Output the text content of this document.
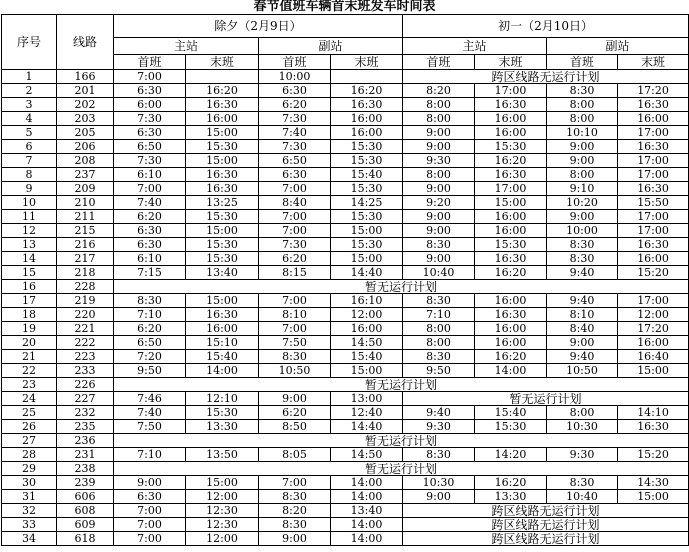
春节值班车辆首末班发车时间表
序号	线路	除夕（2月9日）				初一（2月10日）			
		主站		副站		主站		副站	
		首班	末班	首班	末班	首班	末班	首班	末班
1	166	7:00		10:00		跨区线路无运行计划			
2	201	6:30	16:20	6:30	16:20	8:20	17:00	8:30	17:20
3	202	6:00	16:30	6:20	16:30	8:00	16:30	8:00	16:30
4	203	7:30	16:00	7:30	16:00	8:00	16:00	8:00	16:00
5	205	6:30	15:00	7:40	16:00	9:00	16:00	10:10	17:00
6	206	6:50	15:30	7:30	15:30	9:00	15:30	9:00	16:30
7	208	7:30	15:00	6:50	15:30	9:30	16:20	9:00	17:00
8	237	6:10	16:30	6:30	15:40	8:00	16:30	8:00	17:00
9	209	7:00	16:30	7:00	15:30	9:00	17:00	9:10	16:30
10	210	7:40	13:25	8:40	14:25	9:20	15:00	10:20	15:50
11	211	6:20	15:30	7:00	15:30	9:00	16:00	9:00	17:00
12	215	6:30	15:00	7:00	15:00	9:00	16:00	10:00	17:00
13	216	6:30	15:30	7:30	15:30	8:30	15:30	8:30	16:30
14	217	6:10	15:30	6:20	15:00	9:00	16:30	8:30	16:00
15	218	7:15	13:40	8:15	14:40	10:40	16:20	9:40	15:20
16	228	暂无运行计划							
17	219	8:30	15:00	7:00	16:10	8:30	16:00	9:40	17:00
18	220	7:10	16:30	8:10	12:00	7:10	16:30	8:10	12:00
19	221	6:20	16:00	7:00	16:00	8:00	16:00	8:40	17:20
20	222	6:50	15:10	7:50	14:50	8:00	16:00	9:00	16:00
21	223	7:20	15:40	8:30	15:40	8:30	16:20	9:40	16:40
22	233	9:50	14:00	10:50	15:00	9:50	14:00	10:50	15:00
23	226	暂无运行计划							
24	227	7:46	12:10	9:00	13:00	暂无运行计划			
25	232	7:40	15:30	6:20	12:40	9:40	15:40	8:00	14:10
26	235	7:50	13:30	8:50	14:40	9:30	15:30	10:30	16:30
27	236	暂无运行计划							
28	231	7:10	13:50	8:05	14:50	8:30	14:20	9:30	15:20
29	238	暂无运行计划							
30	239	9:00	15:00	7:00	14:00	10:30	16:20	8:30	14:30
31	606	6:30	12:00	8:30	14:00	9:00	13:30	10:40	15:00
32	608	7:00	12:30	8:20	13:40	跨区线路无运行计划			
33	609	7:00	12:30	8:30	14:00	跨区线路无运行计划			
34	618	7:00	12:00	9:00	14:00	跨区线路无运行计划			
